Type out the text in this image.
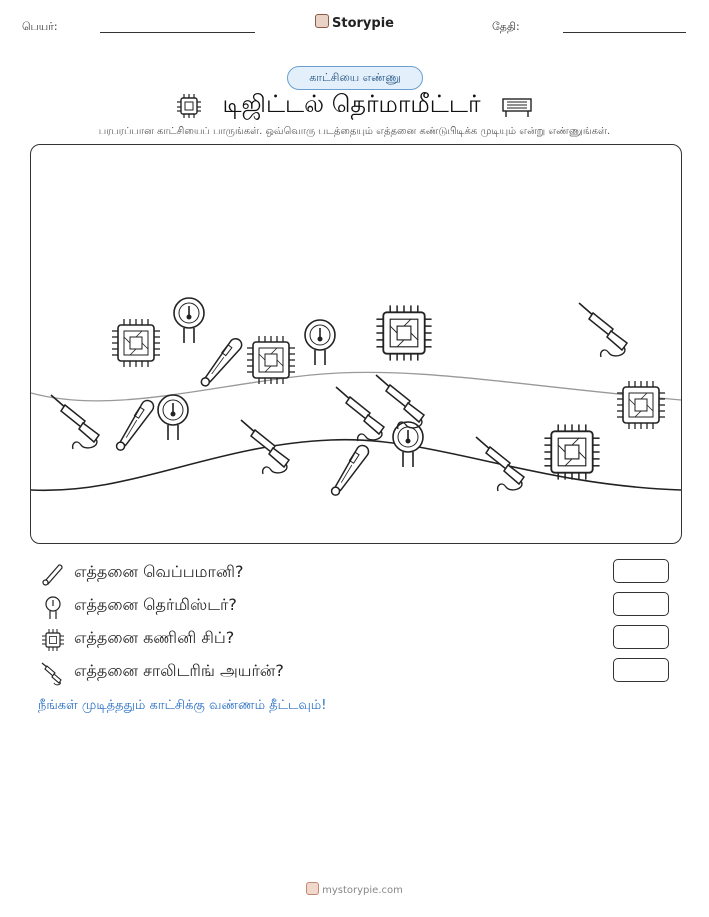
பெயர்:	Storypie	தேதி:
காட்சியை எண்ணு
டிஜிட்டல் தெர்மாமீட்டர்
பரபரப்பான காட்சியைப் பாருங்கள். ஒவ்வொரு படத்தையும் எத்தனை கண்டுபிடிக்க முடியும் என்று எண்ணுங்கள்.
எத்தனை வெப்பமானி?
எத்தனை தெர்மிஸ்டர்?
எத்தனை கணினி சிப்?
எத்தனை சாலிடரிங் அயர்ன்?
நீங்கள் முடித்ததும் காட்சிக்கு வண்ணம் தீட்டவும்!
mystorypie.com
